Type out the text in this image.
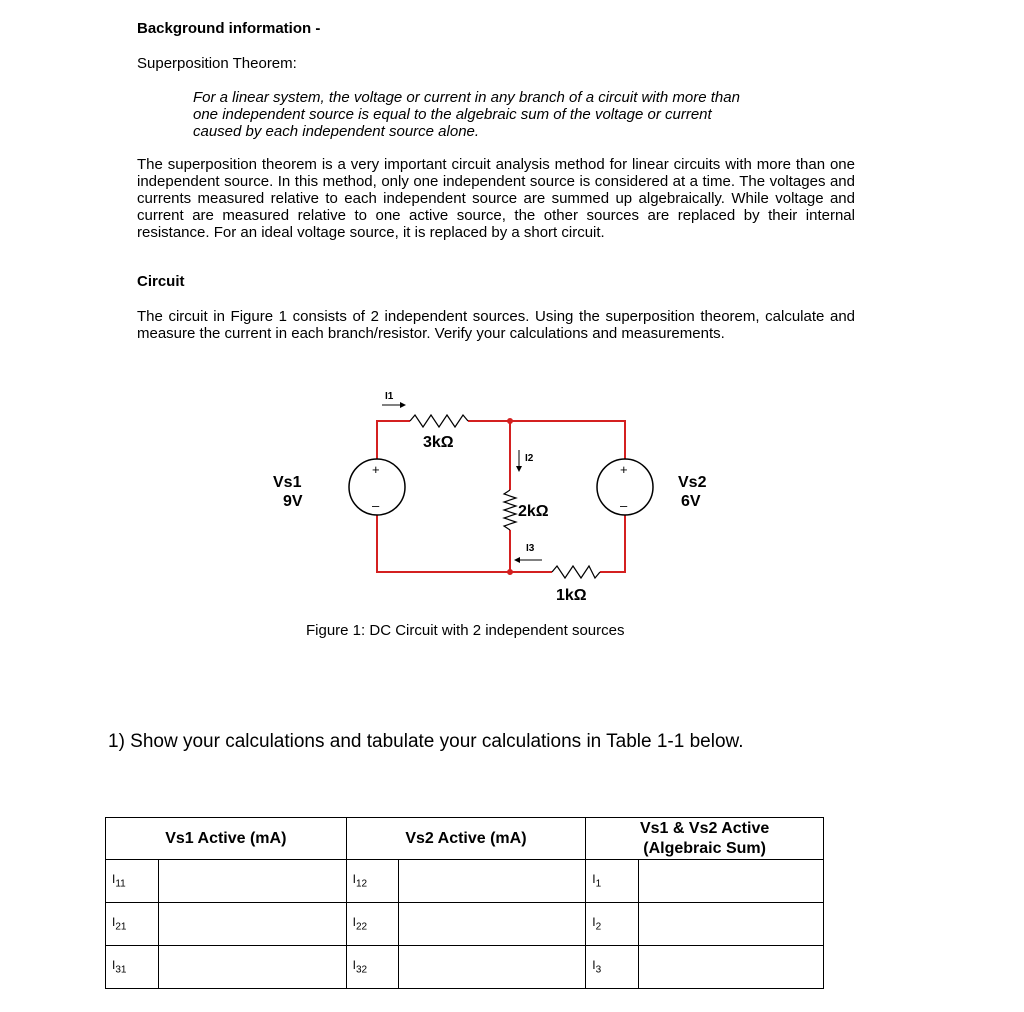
Background information -
Superposition Theorem:
For a linear system, the voltage or current in any branch of a circuit with more than
one independent source is equal to the algebraic sum of the voltage or current
caused by each independent source alone.
The superposition theorem is a very important circuit analysis method for linear circuits with more than one independent source. In this method, only one independent source is considered at a time. The voltages and currents measured relative to each independent source are summed up algebraically. While voltage and current are measured relative to one active source, the other sources are replaced by their internal resistance. For an ideal voltage source, it is replaced by a short circuit.
Circuit
The circuit in Figure 1 consists of 2 independent sources. Using the superposition theorem, calculate and measure the current in each branch/resistor. Verify your calculations and measurements.
+
–
+
–
Vs1
9V
Vs2
6V
3kΩ
2kΩ
1kΩ
I1
I2
I3
Figure 1: DC Circuit with 2 independent sources
1) Show your calculations and tabulate your calculations in Table 1-1 below.
Vs1 Active (mA)		Vs2 Active (mA)		Vs1 & Vs2 Active
(Algebraic Sum)	

$I_{11}$		$I_{12}$		$I_1$	
$I_{21}$		$I_{22}$		$I_2$	
$I_{31}$		$I_{32}$		$I_3$	
